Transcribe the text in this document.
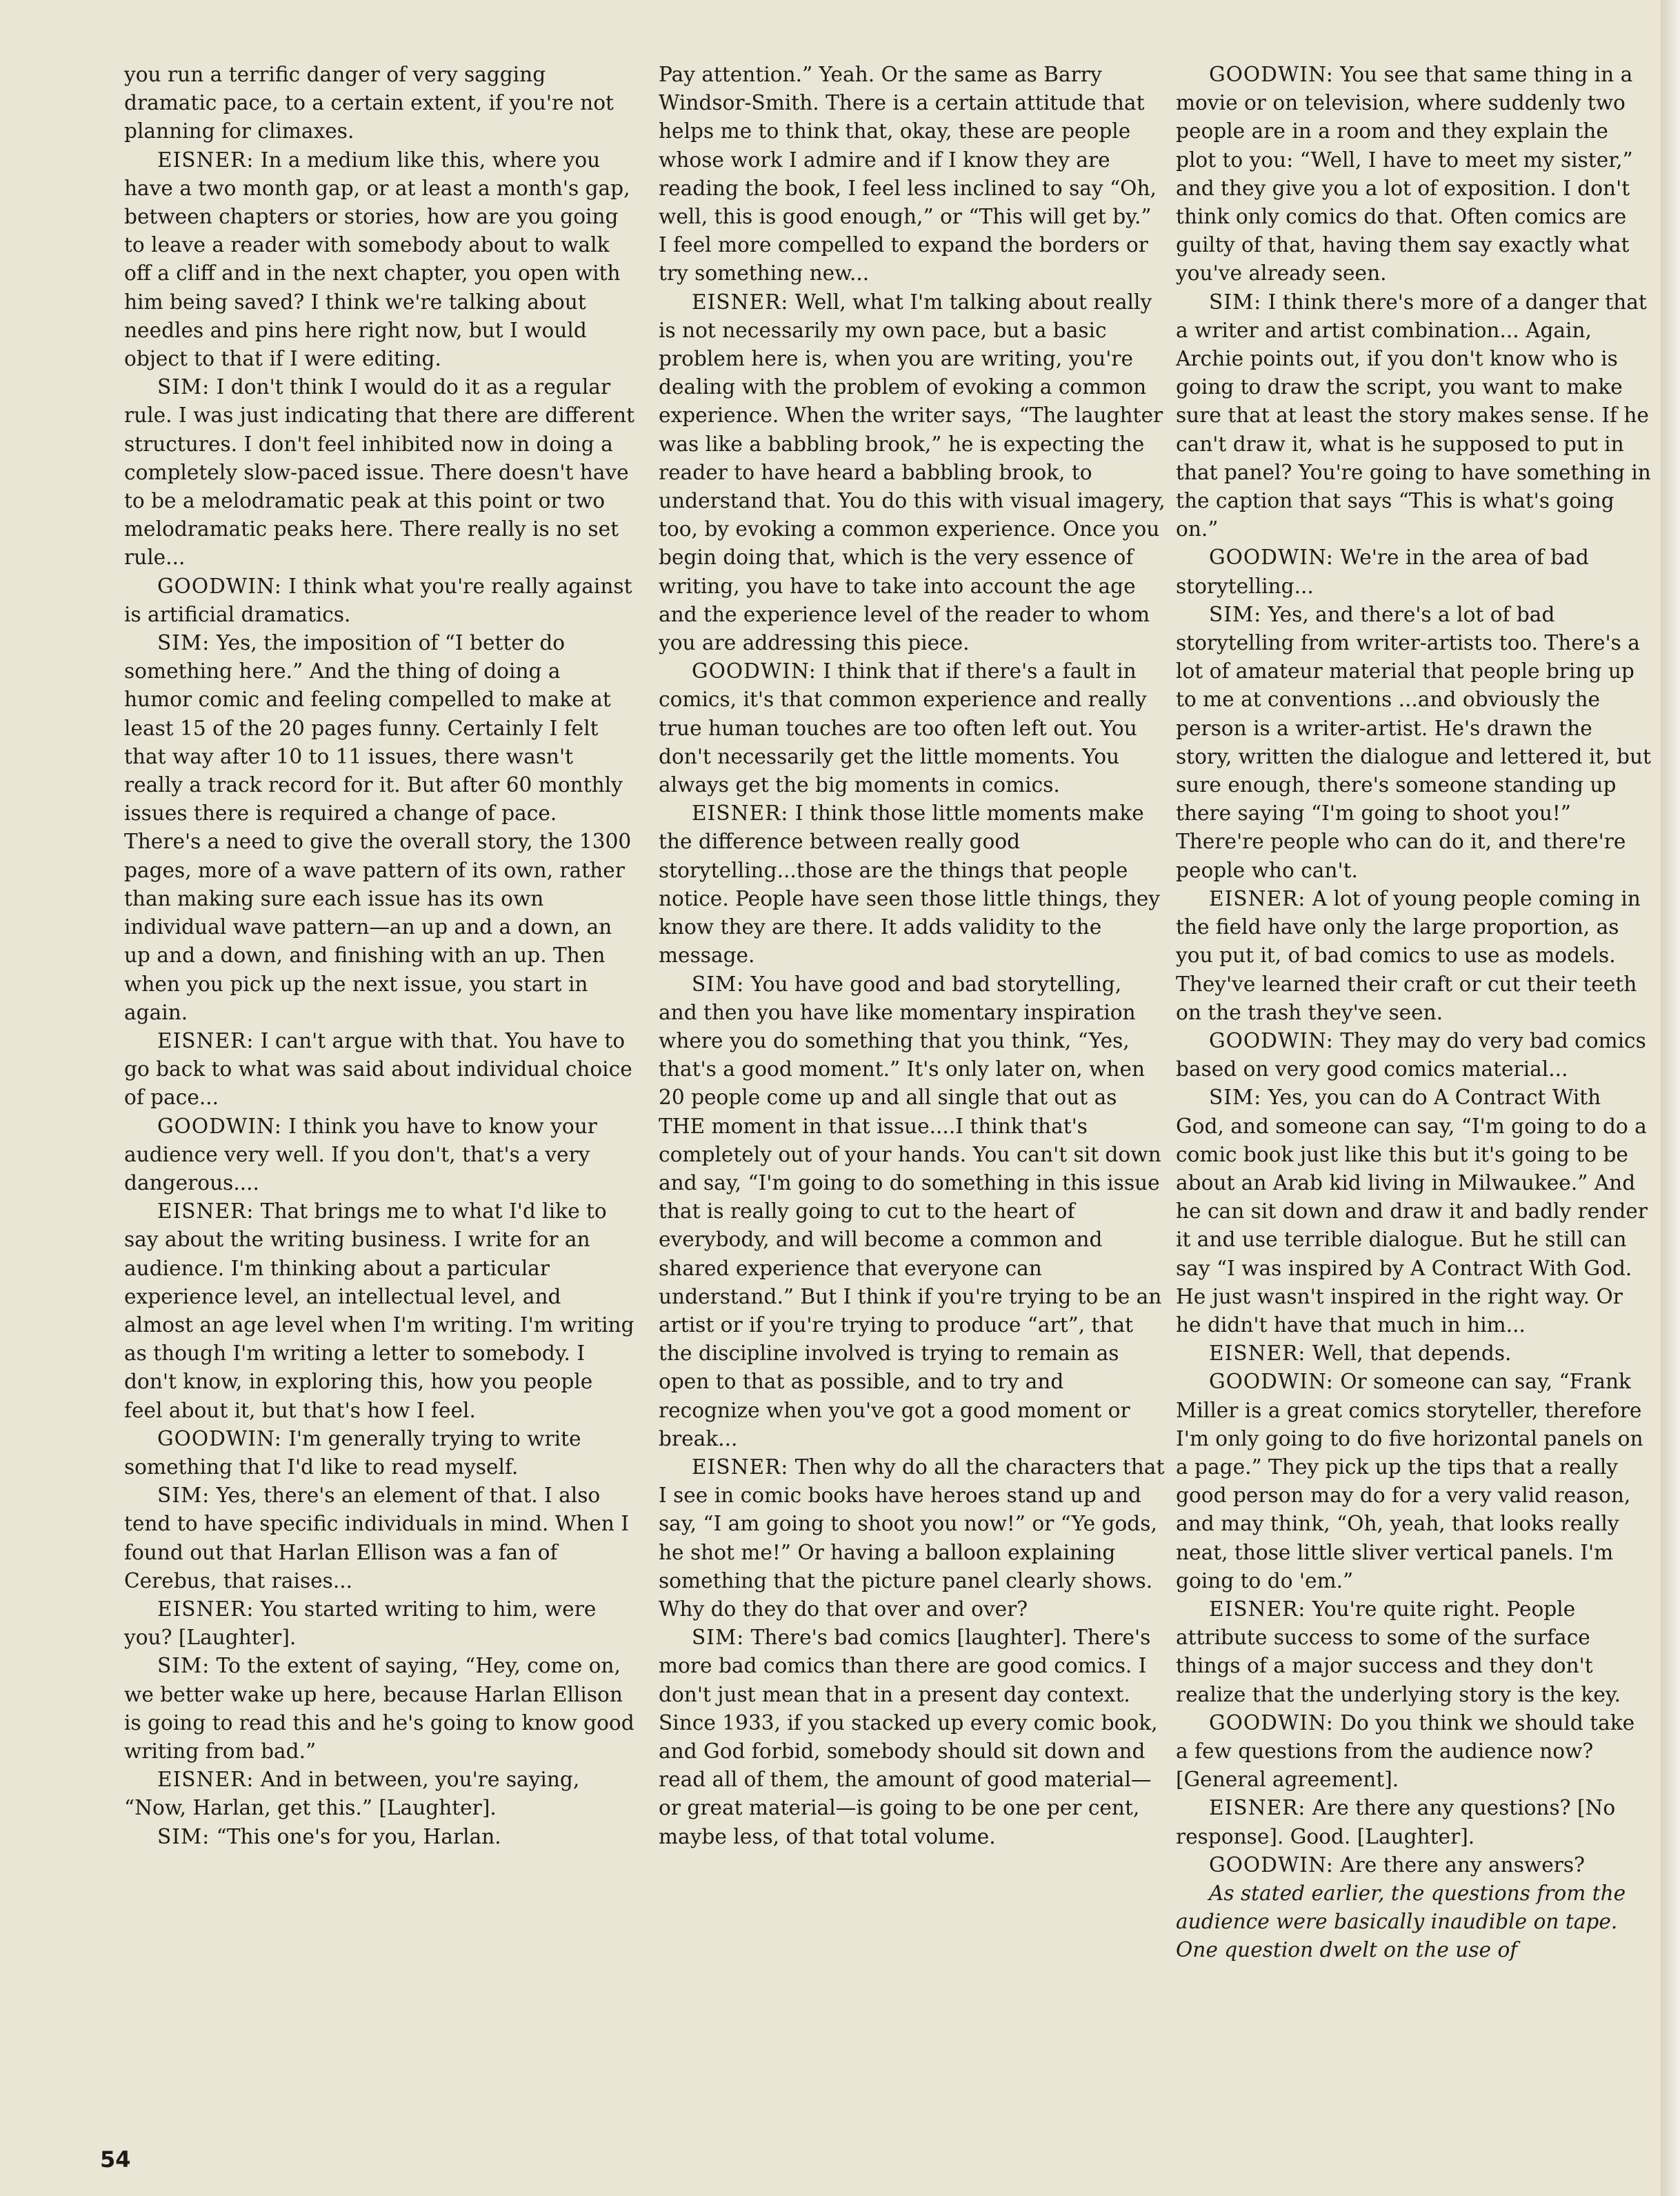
you run a terrific danger of very sagging dramatic pace, to a certain extent, if you're not planning for climaxes.

EISNER: In a medium like this, where you have a two month gap, or at least a month's gap, between chapters or stories, how are you going to leave a reader with somebody about to walk off a cliff and in the next chapter, you open with him being saved? I think we're talking about needles and pins here right now, but I would object to that if I were editing.

SIM: I don't think I would do it as a regular rule. I was just indicating that there are different structures. I don't feel inhibited now in doing a completely slow-paced issue. There doesn't have to be a melodramatic peak at this point or two melodramatic peaks here. There really is no set rule...

GOODWIN: I think what you're really against is artificial dramatics.

SIM: Yes, the imposition of “I better do something here.” And the thing of doing a humor comic and feeling compelled to make at least 15 of the 20 pages funny. Certainly I felt that way after 10 to 11 issues, there wasn't really a track record for it. But after 60 monthly issues there is required a change of pace. There's a need to give the overall story, the 1300 pages, more of a wave pattern of its own, rather than making sure each issue has its own individual wave pattern—an up and a down, an up and a down, and finishing with an up. Then when you pick up the next issue, you start in again.

EISNER: I can't argue with that. You have to go back to what was said about individual choice of pace...

GOODWIN: I think you have to know your audience very well. If you don't, that's a very dangerous....

EISNER: That brings me to what I'd like to say about the writing business. I write for an audience. I'm thinking about a particular experience level, an intellectual level, and almost an age level when I'm writing. I'm writing as though I'm writing a letter to somebody. I don't know, in exploring this, how you people feel about it, but that's how I feel.

GOODWIN: I'm generally trying to write something that I'd like to read myself.

SIM: Yes, there's an element of that. I also tend to have specific individuals in mind. When I found out that Harlan Ellison was a fan of Cerebus, that raises...

EISNER: You started writing to him, were you? [Laughter].

SIM: To the extent of saying, “Hey, come on, we better wake up here, because Harlan Ellison is going to read this and he's going to know good writing from bad.”

EISNER: And in between, you're saying, “Now, Harlan, get this.” [Laughter].

SIM: “This one's for you, Harlan.

Pay attention.” Yeah. Or the same as Barry Windsor-Smith. There is a certain attitude that helps me to think that, okay, these are people whose work I admire and if I know they are reading the book, I feel less inclined to say “Oh, well, this is good enough,” or “This will get by.” I feel more compelled to expand the borders or try something new...

EISNER: Well, what I'm talking about really is not necessarily my own pace, but a basic problem here is, when you are writing, you're dealing with the problem of evoking a common experience. When the writer says, “The laughter was like a babbling brook,” he is expecting the reader to have heard a babbling brook, to understand that. You do this with visual imagery, too, by evoking a common experience. Once you begin doing that, which is the very essence of writing, you have to take into account the age and the experience level of the reader to whom you are addressing this piece.

GOODWIN: I think that if there's a fault in comics, it's that common experience and really true human touches are too often left out. You don't necessarily get the little moments. You always get the big moments in comics.

EISNER: I think those little moments make the difference between really good storytelling...those are the things that people notice. People have seen those little things, they know they are there. It adds validity to the message.

SIM: You have good and bad storytelling, and then you have like momentary inspiration where you do something that you think, “Yes, that's a good moment.” It's only later on, when 20 people come up and all single that out as THE moment in that issue....I think that's completely out of your hands. You can't sit down and say, “I'm going to do something in this issue that is really going to cut to the heart of everybody, and will become a common and shared experience that everyone can understand.” But I think if you're trying to be an artist or if you're trying to produce “art”, that the discipline involved is trying to remain as open to that as possible, and to try and recognize when you've got a good moment or break...

EISNER: Then why do all the characters that I see in comic books have heroes stand up and say, “I am going to shoot you now!” or “Ye gods, he shot me!” Or having a balloon explaining something that the picture panel clearly shows. Why do they do that over and over?

SIM: There's bad comics [laughter]. There's more bad comics than there are good comics. I don't just mean that in a present day context. Since 1933, if you stacked up every comic book, and God forbid, somebody should sit down and read all of them, the amount of good material—or great material—is going to be one per cent, maybe less, of that total volume.

GOODWIN: You see that same thing in a movie or on television, where suddenly two people are in a room and they explain the plot to you: “Well, I have to meet my sister,” and they give you a lot of exposition. I don't think only comics do that. Often comics are guilty of that, having them say exactly what you've already seen.

SIM: I think there's more of a danger that a writer and artist combination... Again, Archie points out, if you don't know who is going to draw the script, you want to make sure that at least the story makes sense. If he can't draw it, what is he supposed to put in that panel? You're going to have something in the caption that says “This is what's going on.”

GOODWIN: We're in the area of bad storytelling...

SIM: Yes, and there's a lot of bad storytelling from writer-artists too. There's a lot of amateur material that people bring up to me at conventions ...and obviously the person is a writer-artist. He's drawn the story, written the dialogue and lettered it, but sure enough, there's someone standing up there saying “I'm going to shoot you!” There're people who can do it, and there're people who can't.

EISNER: A lot of young people coming in the field have only the large proportion, as you put it, of bad comics to use as models. They've learned their craft or cut their teeth on the trash they've seen.

GOODWIN: They may do very bad comics based on very good comics material...

SIM: Yes, you can do A Contract With God, and someone can say, “I'm going to do a comic book just like this but it's going to be about an Arab kid living in Milwaukee.” And he can sit down and draw it and badly render it and use terrible dialogue. But he still can say “I was inspired by A Contract With God. He just wasn't inspired in the right way. Or he didn't have that much in him...

EISNER: Well, that depends.

GOODWIN: Or someone can say, “Frank Miller is a great comics storyteller, therefore I'm only going to do five horizontal panels on a page.” They pick up the tips that a really good person may do for a very valid reason, and may think, “Oh, yeah, that looks really neat, those little sliver vertical panels. I'm going to do 'em.”

EISNER: You're quite right. People attribute success to some of the surface things of a major success and they don't realize that the underlying story is the key.

GOODWIN: Do you think we should take a few questions from the audience now? [General agreement].

EISNER: Are there any questions? [No response]. Good. [Laughter].

GOODWIN: Are there any answers?

As stated earlier, the questions from the audience were basically inaudible on tape. One question dwelt on the use of

54
